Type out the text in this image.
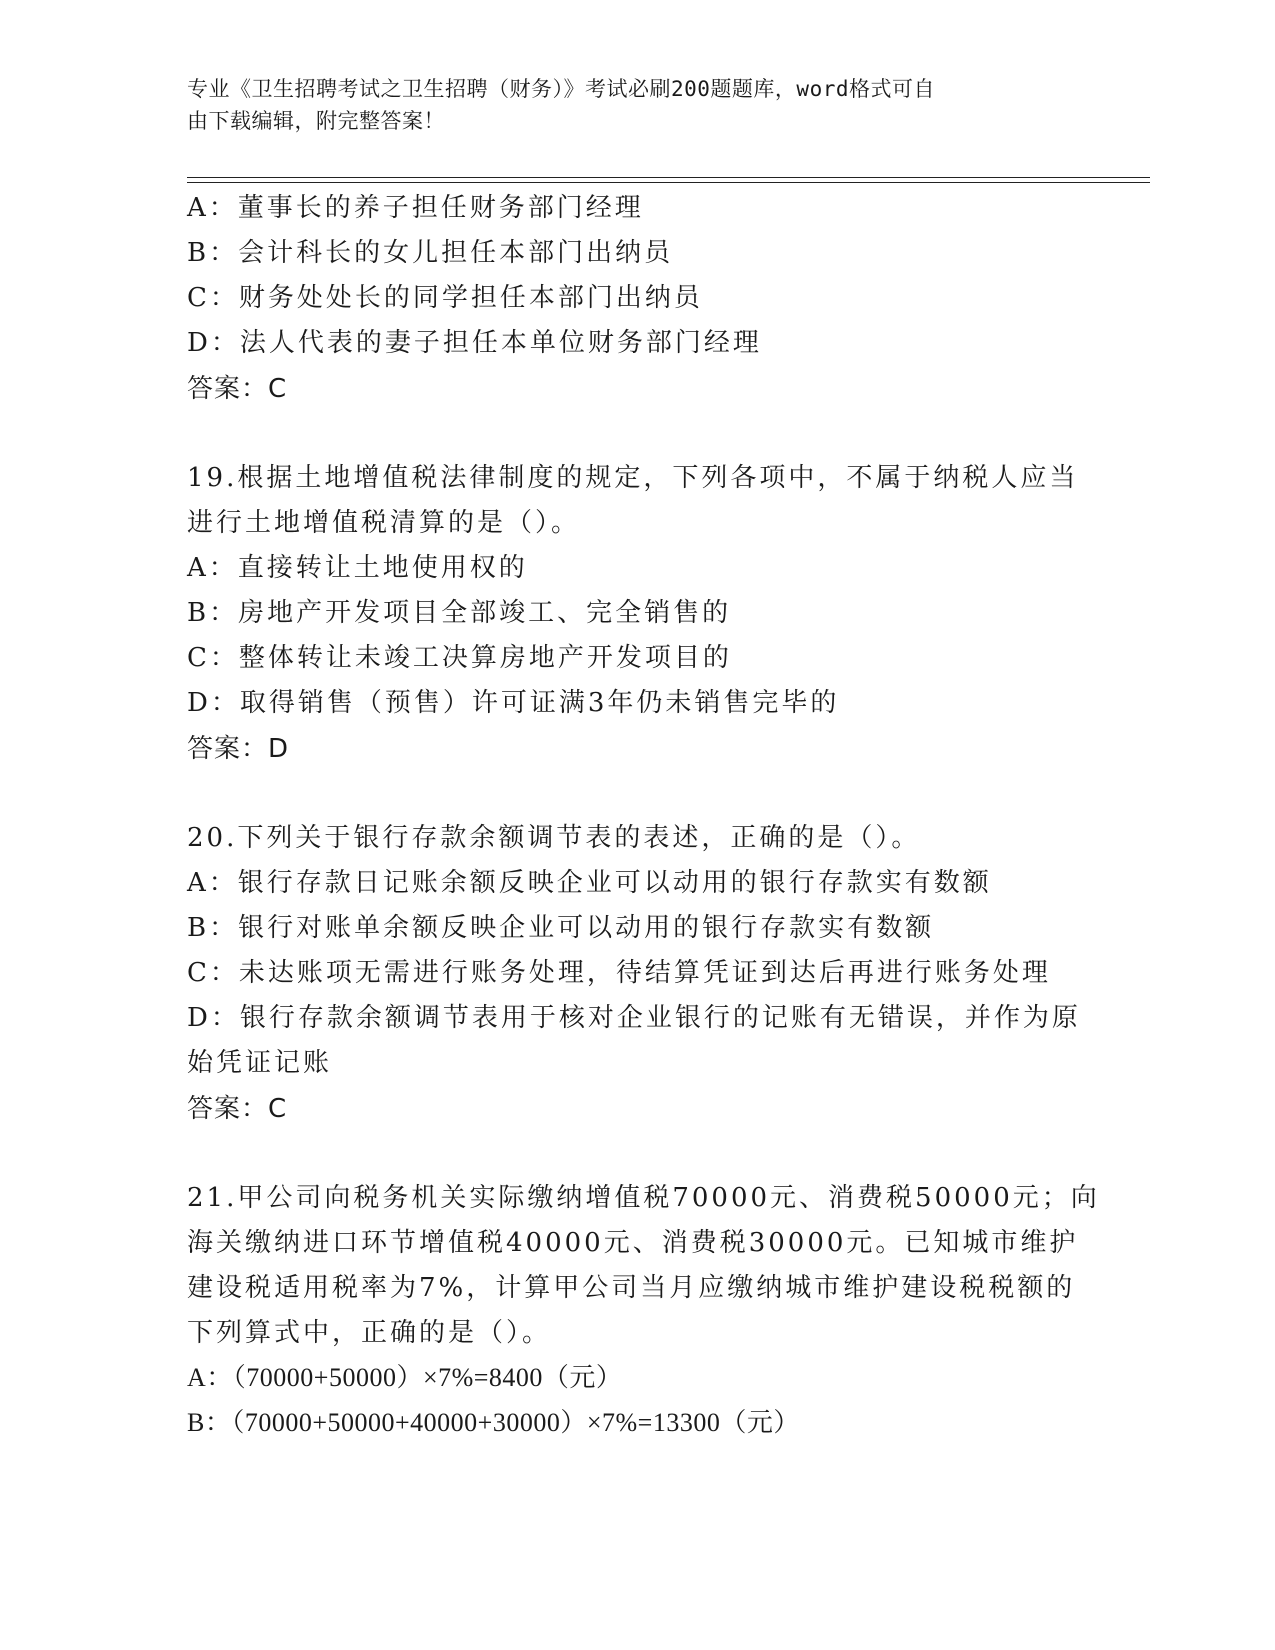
专业《卫生招聘考试之卫生招聘（财务）》考试必刷200题题库，word格式可自
由下载编辑，附完整答案！
A：董事长的养子担任财务部门经理
B：会计科长的女儿担任本部门出纳员
C：财务处处长的同学担任本部门出纳员
D：法人代表的妻子担任本单位财务部门经理
答案：C
19.根据土地增值税法律制度的规定，下列各项中，不属于纳税人应当
进行土地增值税清算的是（）。
A：直接转让土地使用权的
B：房地产开发项目全部竣工、完全销售的
C：整体转让未竣工决算房地产开发项目的
D：取得销售（预售）许可证满3年仍未销售完毕的
答案：D
20.下列关于银行存款余额调节表的表述，正确的是（）。
A：银行存款日记账余额反映企业可以动用的银行存款实有数额
B：银行对账单余额反映企业可以动用的银行存款实有数额
C：未达账项无需进行账务处理，待结算凭证到达后再进行账务处理
D：银行存款余额调节表用于核对企业银行的记账有无错误，并作为原
始凭证记账
答案：C
21.甲公司向税务机关实际缴纳增值税70000元、消费税50000元；向
海关缴纳进口环节增值税40000元、消费税30000元。已知城市维护
建设税适用税率为7%，计算甲公司当月应缴纳城市维护建设税税额的
下列算式中，正确的是（）。
A：（70000+50000）×7%=8400（元）
B：（70000+50000+40000+30000）×7%=13300（元）
